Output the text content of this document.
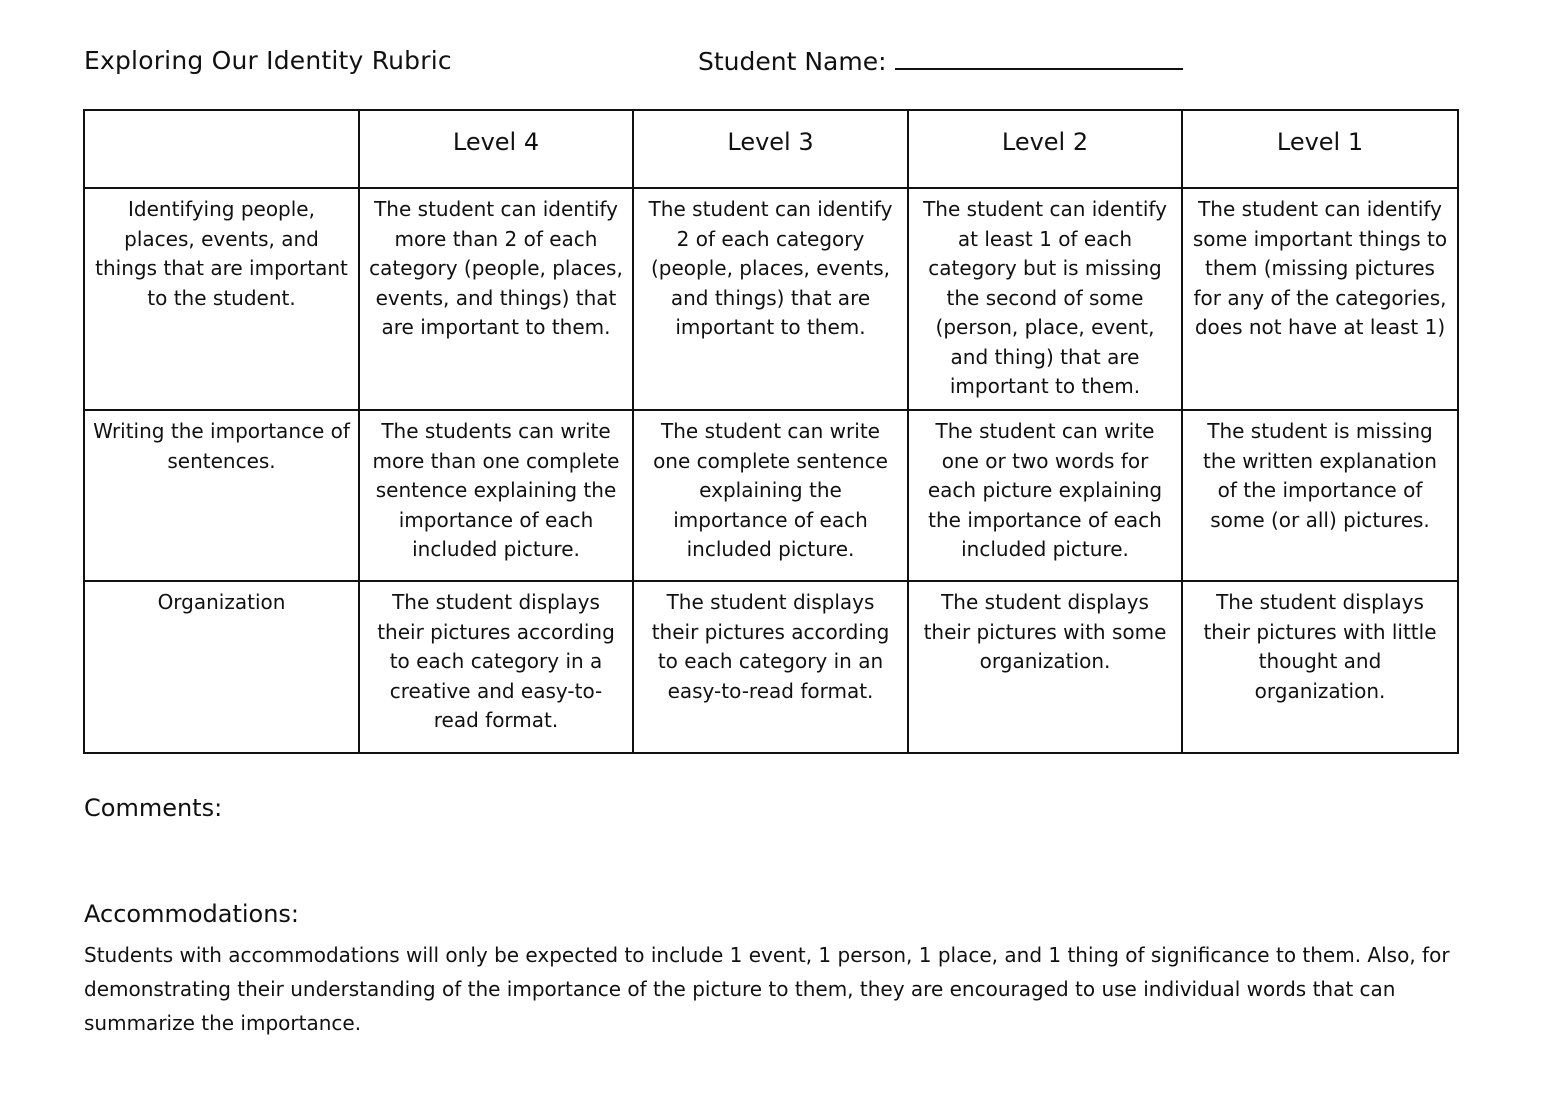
Exploring Our Identity Rubric	Student Name:
	Level 4	Level 3	Level 2	Level 1
Identifying people, places, events, and things that are important to the student.	The student can identify more than 2 of each category (people, places, events, and things) that are important to them.	The student can identify 2 of each category (people, places, events, and things) that are important to them.	The student can identify at least 1 of each category but is missing the second of some (person, place, event, and thing) that are important to them.	The student can identify some important things to them (missing pictures for any of the categories, does not have at least 1)
Writing the importance of sentences.	The students can write more than one complete sentence explaining the importance of each included picture.	The student can write one complete sentence explaining the importance of each included picture.	The student can write one or two words for each picture explaining the importance of each included picture.	The student is missing the written explanation of the importance of some (or all) pictures.
Organization	The student displays their pictures according to each category in a creative and easy-to-read format.	The student displays their pictures according to each category in an easy-to-read format.	The student displays their pictures with some organization.	The student displays their pictures with little thought and organization.
Comments:
Accommodations:
Students with accommodations will only be expected to include 1 event, 1 person, 1 place, and 1 thing of significance to them. Also, for demonstrating their understanding of the importance of the picture to them, they are encouraged to use individual words that can summarize the importance.
